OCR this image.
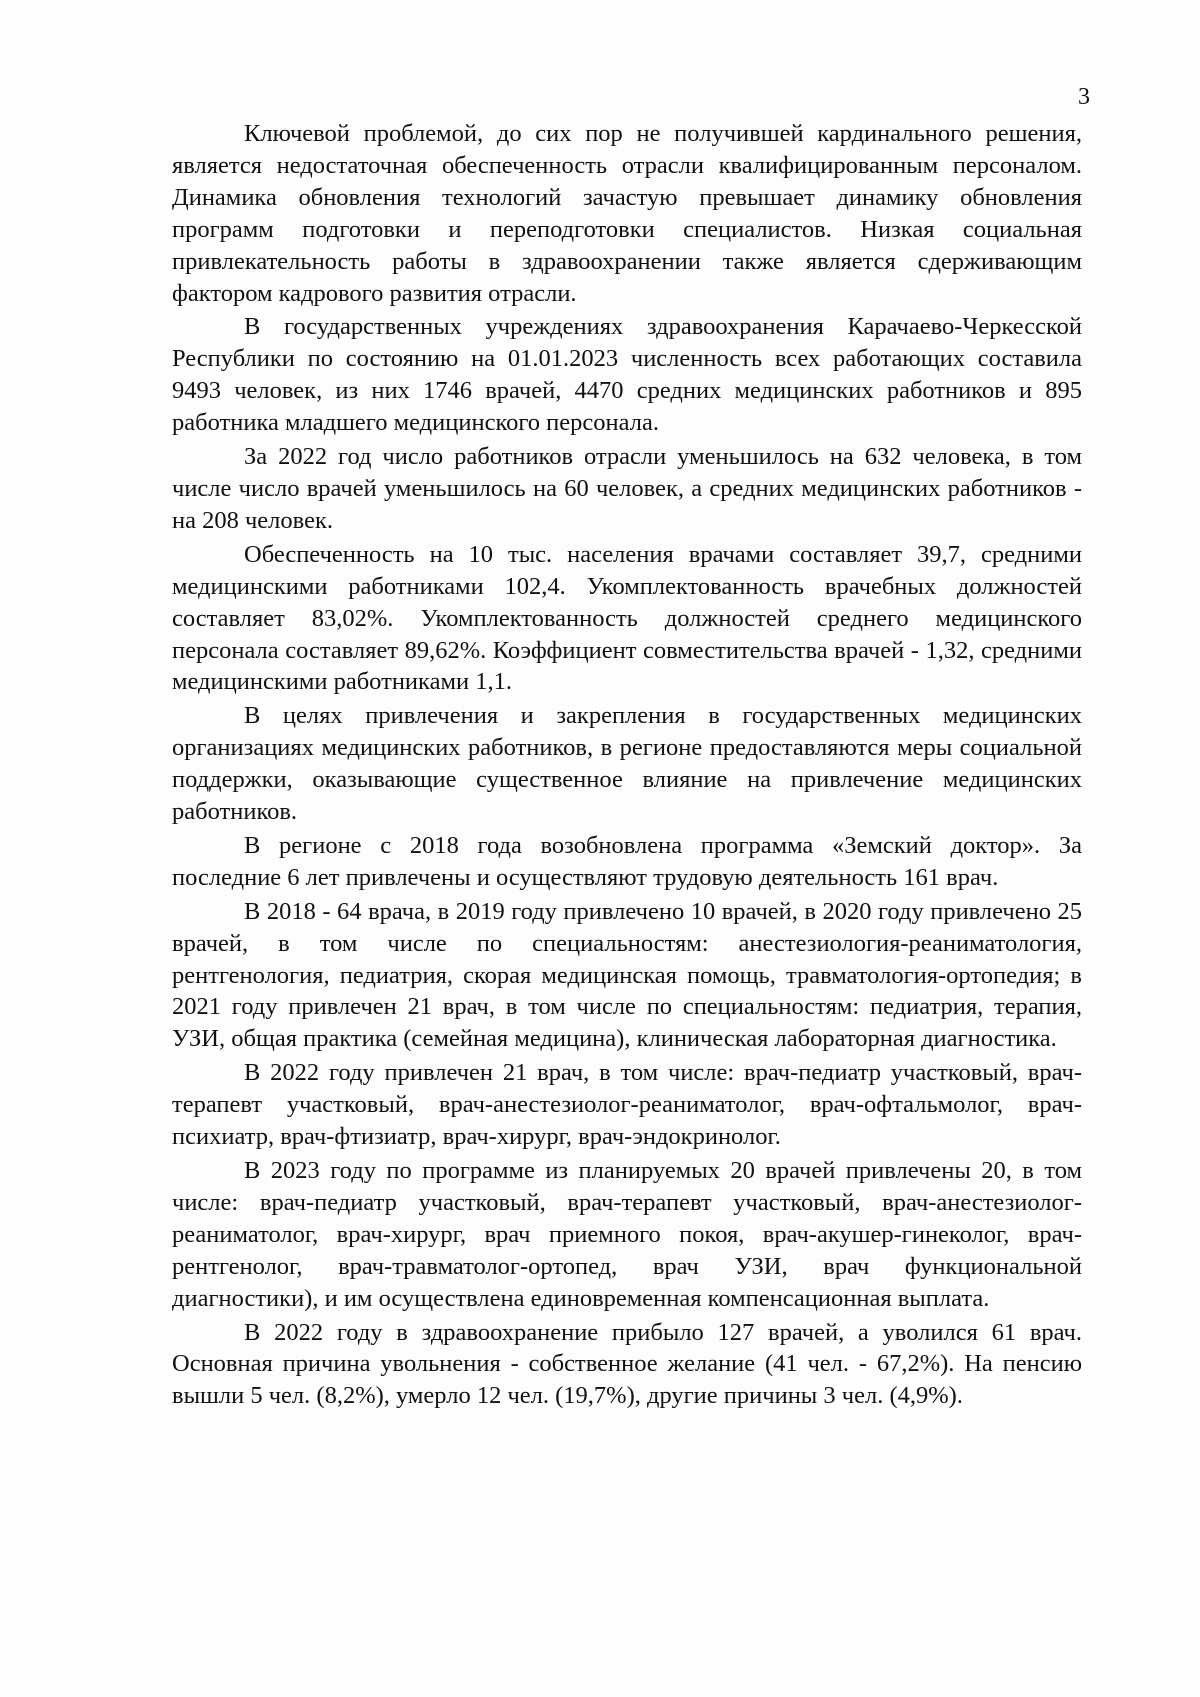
3

Ключевой проблемой, до сих пор не получившей кардинального решения, является недостаточная обеспеченность отрасли квалифицированным персоналом. Динамика обновления технологий зачастую превышает динамику обновления программ подготовки и переподготовки специалистов. Низкая социальная привлекательность работы в здравоохранении также является сдерживающим фактором кадрового развития отрасли.

В государственных учреждениях здравоохранения Карачаево-Черкесской Республики по состоянию на 01.01.2023 численность всех работающих составила 9493 человек, из них 1746 врачей, 4470 средних медицинских работников и 895 работника младшего медицинского персонала.

За 2022 год число работников отрасли уменьшилось на 632 человека, в том числе число врачей уменьшилось на 60 человек, а средних медицинских работников - на 208 человек.

Обеспеченность на 10 тыс. населения врачами составляет 39,7, средними медицинскими работниками 102,4. Укомплектованность врачебных должностей составляет 83,02%. Укомплектованность должностей среднего медицинского персонала составляет 89,62%. Коэффициент совместительства врачей - 1,32, средними медицинскими работниками 1,1.

В целях привлечения и закрепления в государственных медицинских организациях медицинских работников, в регионе предоставляются меры социальной поддержки, оказывающие существенное влияние на привлечение медицинских работников.

В регионе с 2018 года возобновлена программа «Земский доктор». За последние 6 лет привлечены и осуществляют трудовую деятельность 161 врач.

В 2018 - 64 врача, в 2019 году привлечено 10 врачей, в 2020 году привлечено 25 врачей, в том числе по специальностям: анестезиология-реаниматология, рентгенология, педиатрия, скорая медицинская помощь, травматология-ортопедия; в 2021 году привлечен 21 врач, в том числе по специальностям: педиатрия, терапия, УЗИ, общая практика (семейная медицина), клиническая лабораторная диагностика.

В 2022 году привлечен 21 врач, в том числе: врач-педиатр участковый, врач-терапевт участковый, врач-анестезиолог-реаниматолог, врач-офтальмолог, врач-психиатр, врач-фтизиатр, врач-хирург, врач-эндокринолог.

В 2023 году по программе из планируемых 20 врачей привлечены 20, в том числе: врач-педиатр участковый, врач-терапевт участковый, врач-анестезиолог-реаниматолог, врач-хирург, врач приемного покоя, врач-акушер-гинеколог, врач-рентгенолог, врач-травматолог-ортопед, врач УЗИ, врач функциональной диагностики), и им осуществлена единовременная компенсационная выплата.

В 2022 году в здравоохранение прибыло 127 врачей, а уволился 61 врач. Основная причина увольнения - собственное желание (41 чел. - 67,2%). На пенсию вышли 5 чел. (8,2%), умерло 12 чел. (19,7%), другие причины 3 чел. (4,9%).
